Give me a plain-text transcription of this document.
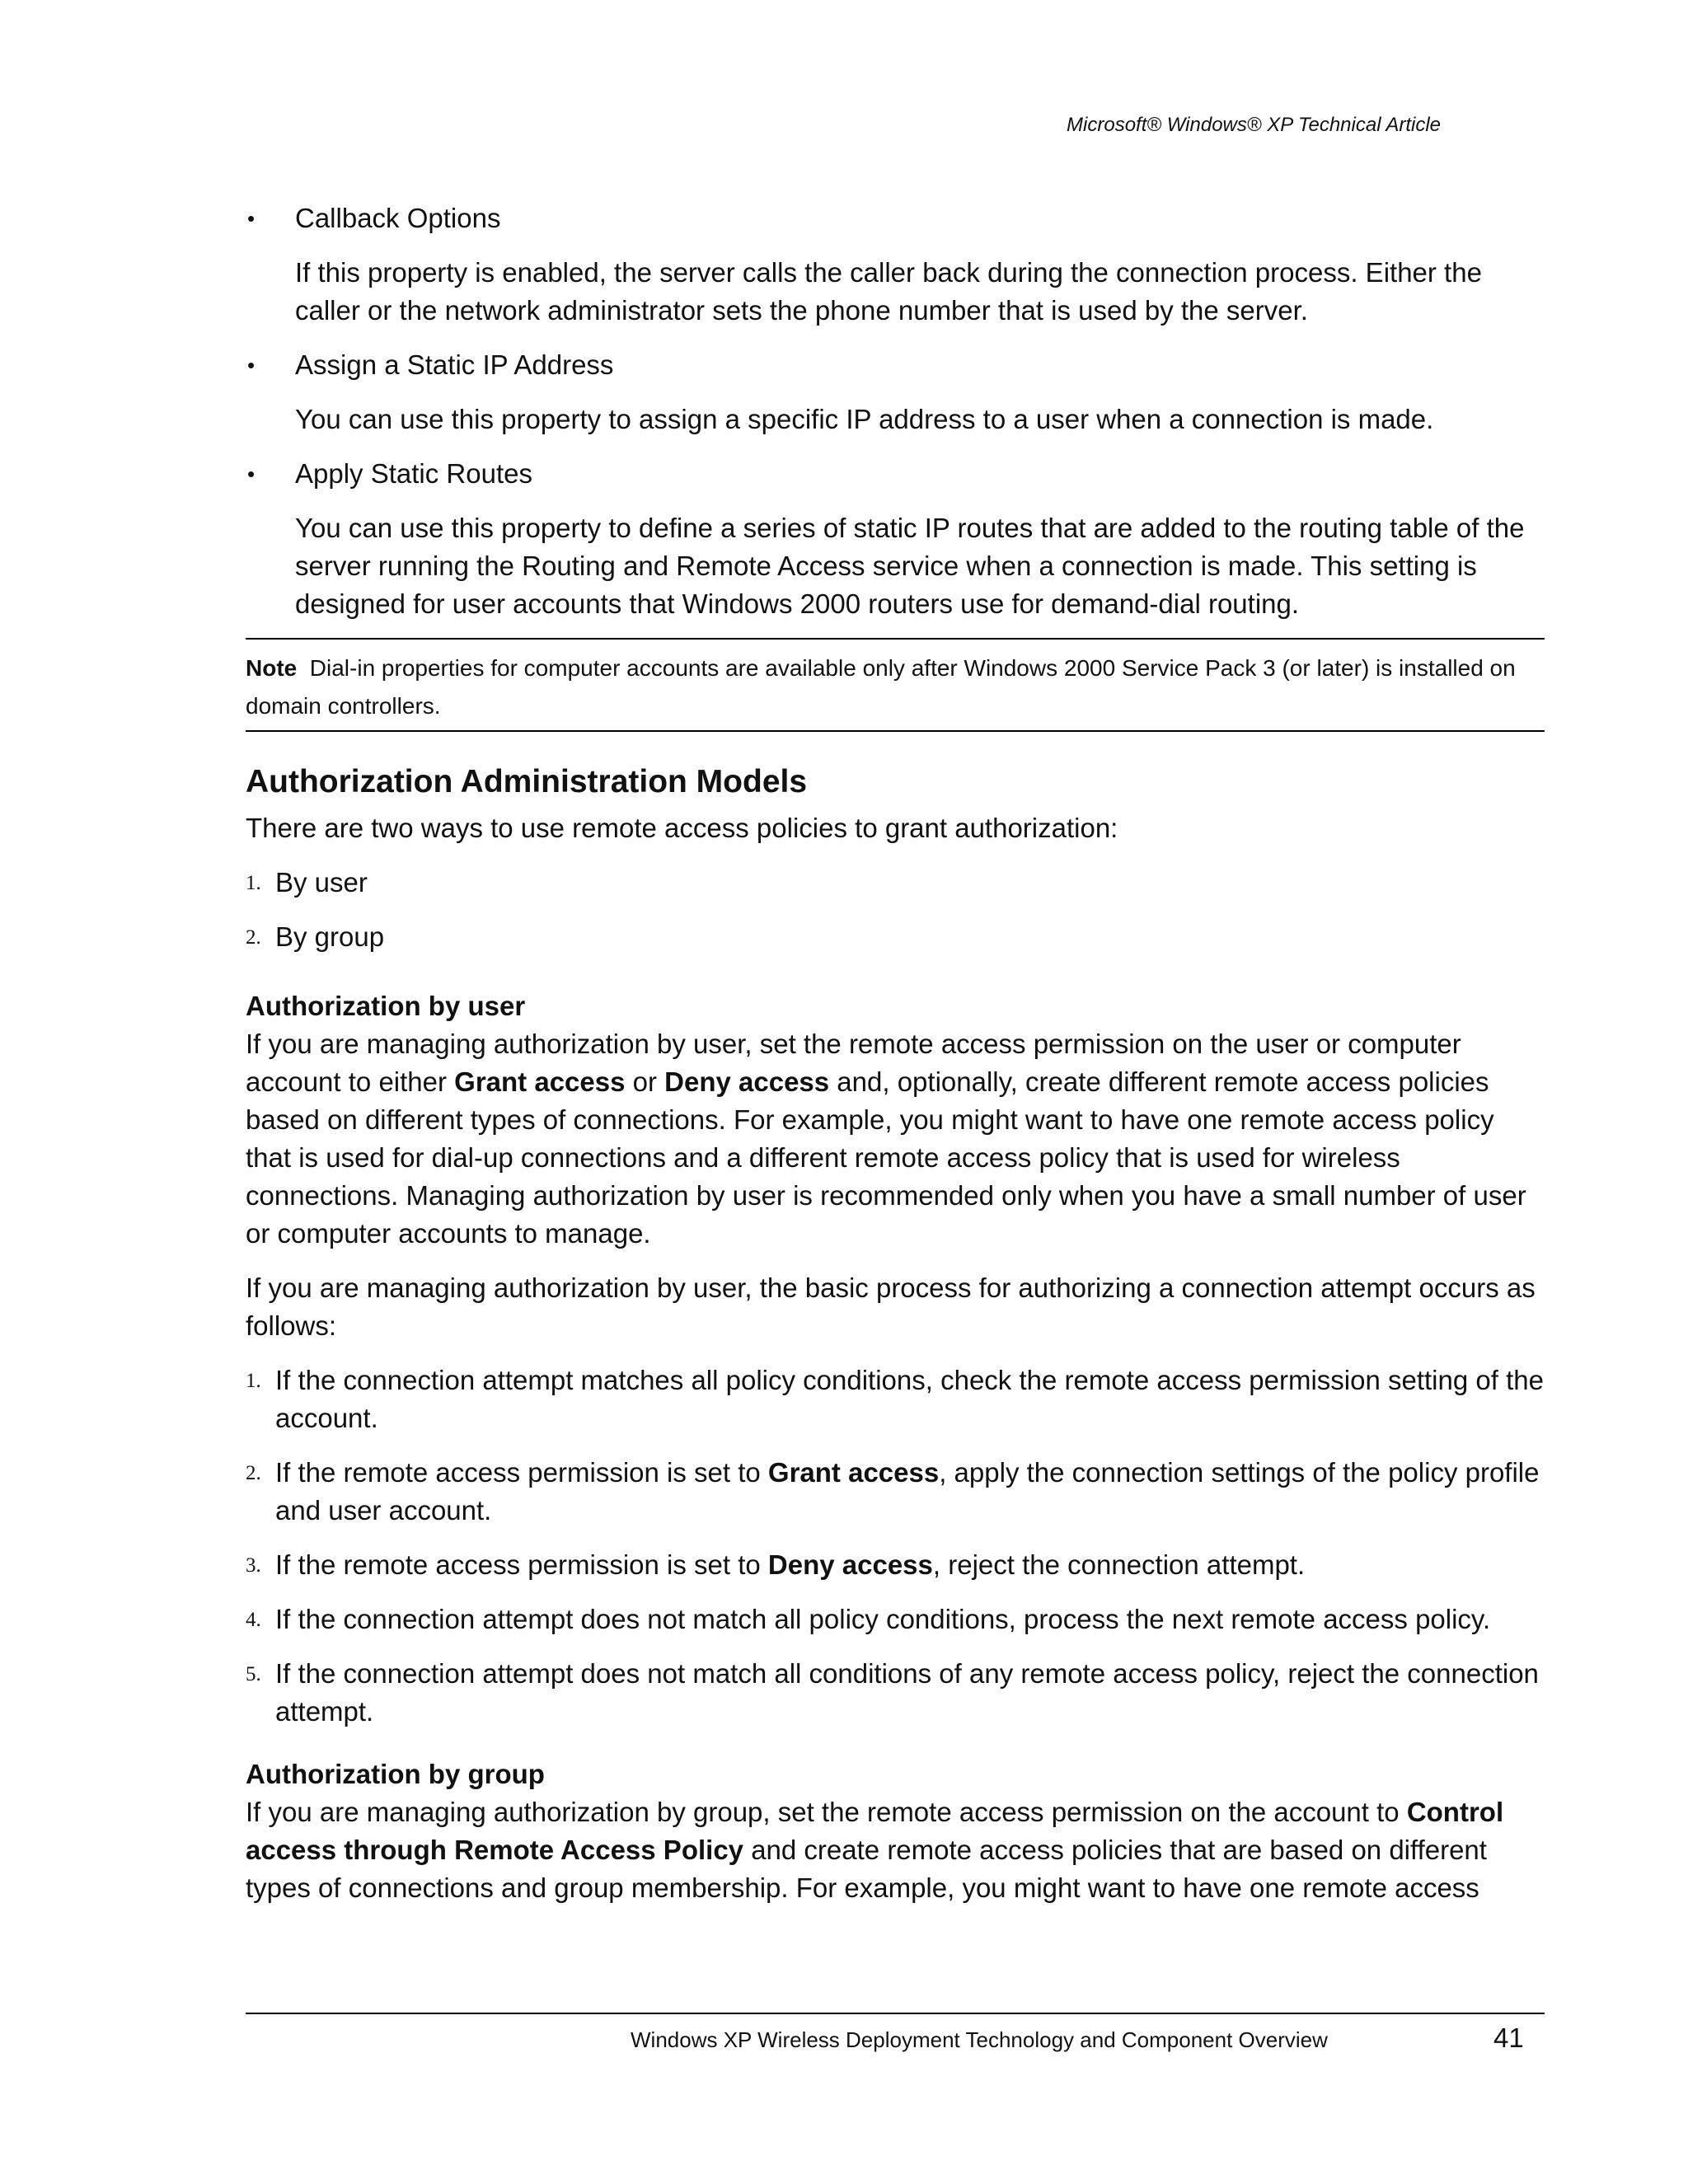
Microsoft® Windows® XP Technical Article
• Callback Options
If this property is enabled, the server calls the caller back during the connection process. Either the caller or the network administrator sets the phone number that is used by the server.
• Assign a Static IP Address
You can use this property to assign a specific IP address to a user when a connection is made.
• Apply Static Routes
You can use this property to define a series of static IP routes that are added to the routing table of the server running the Routing and Remote Access service when a connection is made. This setting is designed for user accounts that Windows 2000 routers use for demand-dial routing.
Note Dial-in properties for computer accounts are available only after Windows 2000 Service Pack 3 (or later) is installed on domain controllers.
Authorization Administration Models

There are two ways to use remote access policies to grant authorization:

1. By user
2. By group
Authorization by user

If you are managing authorization by user, set the remote access permission on the user or computer account to either Grant access or Deny access and, optionally, create different remote access policies based on different types of connections. For example, you might want to have one remote access policy that is used for dial-up connections and a different remote access policy that is used for wireless connections. Managing authorization by user is recommended only when you have a small number of user or computer accounts to manage.

If you are managing authorization by user, the basic process for authorizing a connection attempt occurs as follows:

1. If the connection attempt matches all policy conditions, check the remote access permission setting of the account.
2. If the remote access permission is set to Grant access, apply the connection settings of the policy profile and user account.
3. If the remote access permission is set to Deny access, reject the connection attempt.
4. If the connection attempt does not match all policy conditions, process the next remote access policy.
5. If the connection attempt does not match all conditions of any remote access policy, reject the connection attempt.
Authorization by group

If you are managing authorization by group, set the remote access permission on the account to Control access through Remote Access Policy and create remote access policies that are based on different types of connections and group membership. For example, you might want to have one remote access

Windows XP Wireless Deployment Technology and Component Overview	41
